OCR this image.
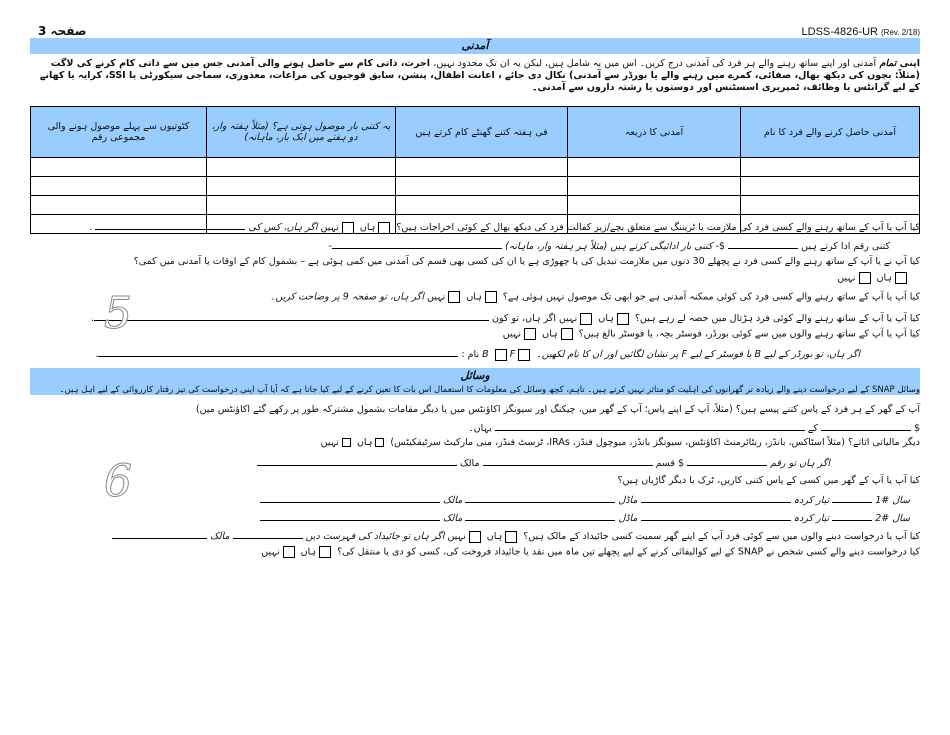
صفحہ 3	LDSS-4826-UR (Rev. 2/18)
آمدنی
اپنی تمام آمدنی اور اپنے ساتھ رہنے والے ہر فرد کی آمدنی درج کریں۔ اس میں یہ شامل ہیں، لیکن یہ ان تک محدود نہیں، اجرت، ذاتی کام سے حاصل ہونے والی آمدنی جس میں سے ذاتی کام کرنے کی لاگت (مثلاً: بچوں کی دیکھ بھال، صفائی، کمرے میں رہنے والے یا بورڈر سے آمدنی) نکال دی جائے ، اعانت اطفال، پنشن، سابق فوجیوں کی مراعات، معذوری، سماجی سیکورٹی یا SSI، کرایہ یا کھانے کے لیے گرانٹس یا وظائف، ٹمپریری اسسٹنس اور دوستوں یا رشتہ داروں سے آمدنی۔
آمدنی حاصل کرنے والے فرد کا نام	آمدنی کا ذریعہ	فی ہفتہ کتنے گھنٹے کام کرتے ہیں	یہ کتنی بار موصول ہوتی ہے؟ (مثلاً ہفتہ وار، دو ہفتے میں ایک بار، ماہانہ)	کٹوتیوں سے پہلے موصول ہونے والی مجموعی رقم

کیا آپ یا آپ کے ساتھ رہنے والے کسی فرد کی ملازمت یا ٹریننگ سے متعلق بچے/زیرِ کفالت فرد کی دیکھ بھال کے کوئی اخراجات ہیں؟ ہاں نہیں اگر ہاں، کس کی  .
کتنی رقم ادا کرتے ہیں  $- کتنی بار ادائیگی کرتے ہیں (مثلاً ہر ہفتہ وار، ماہانہ) -
کیا آپ نے یا آپ کے ساتھ رہنے والے کسی فرد نے پچھلے 30 دنوں میں ملازمت تبدیل کی یا چھوڑی ہے یا ان کی کسی بھی قسم کی آمدنی میں کمی ہوئی ہے – بشمول کام کے اوقات یا آمدنی میں کمی؟
ہاں نہیں
کیا آپ یا آپ کے ساتھ رہنے والے کسی فرد کی کوئی ممکنہ آمدنی ہے جو ابھی تک موصول نہیں ہوئی ہے؟ ہاں نہیں اگر ہاں، تو صفحہ 9 پر وضاحت کریں۔
کیا آپ یا آپ کے ساتھ رہنے والے کوئی فرد ہڑتال میں حصہ لے رہے ہیں؟ ہاں نہیں اگر ہاں، تو کون .
کیا آپ یا آپ کے ساتھ رہنے والوں میں سے کوئی بورڈر، فوسٹر بچہ، یا فوسٹر بالغ ہیں؟ ہاں نہیں
اگر ہاں، تو بورڈر کے لیے B یا فوسٹر کے لیے F پر نشان لگائیں اور ان کا نام لکھیں۔ B F نام : .
5
وسائل
وسائل SNAP کے لیے درخواست دینے والے زیادہ تر گھرانوں کی اہلیت کو متاثر نہیں کرتے ہیں۔ تاہم، کچھ وسائل کی معلومات کا استعمال اس بات کا تعین کرنے کے لیے کیا جاتا ہے کہ آیا آپ اپنی درخواست کی تیز رفتار کارروائی کے لیے اہل ہیں۔
آپ کے گھر کے ہر فرد کے پاس کتنے پیسے ہیں؟ (مثلاً، آپ کے اپنے پاس؛ آپ کے گھر میں، چیکنگ اور سیونگز اکاؤنٹس میں یا دیگر مقامات بشمول مشترکہ طور پر رکھے گئے اکاؤنٹس میں)
$  کے  یہاں۔
دیگر مالیاتی اثاثے؟ (مثلاً اسٹاکس، بانڈز، ریٹائرمنٹ اکاؤنٹس، سیونگز بانڈز، میوچول فنڈز، IRAs، ٹرسٹ فنڈز، منی مارکیٹ سرٹیفکیٹس) ہاں نہیں
اگر ہاں تو رقم  $ قسم  مالک
6	کیا آپ یا آپ کے گھر میں کسی کے پاس کتنی کاریں، ٹرک یا دیگر گاڑیاں ہیں؟
سال #1  تیار کردہ  ماڈل  مالک
سال #2  تیار کردہ  ماڈل  مالک
کیا آپ یا درخواست دینے والوں میں سے کوئی فرد آپ کے اپنے گھر سمیت کسی جائیداد کے مالک ہیں؟ ہاں نہیں اگر ہاں تو جائیداد کی فہرست دیں  مالک
کیا درخواست دینے والے کسی شخص نے SNAP کے لیے کوالیفائی کرنے کے لیے پچھلے تین ماہ میں نقد یا جائیداد فروخت کی، کسی کو دی یا منتقل کی؟ ہاں نہیں
